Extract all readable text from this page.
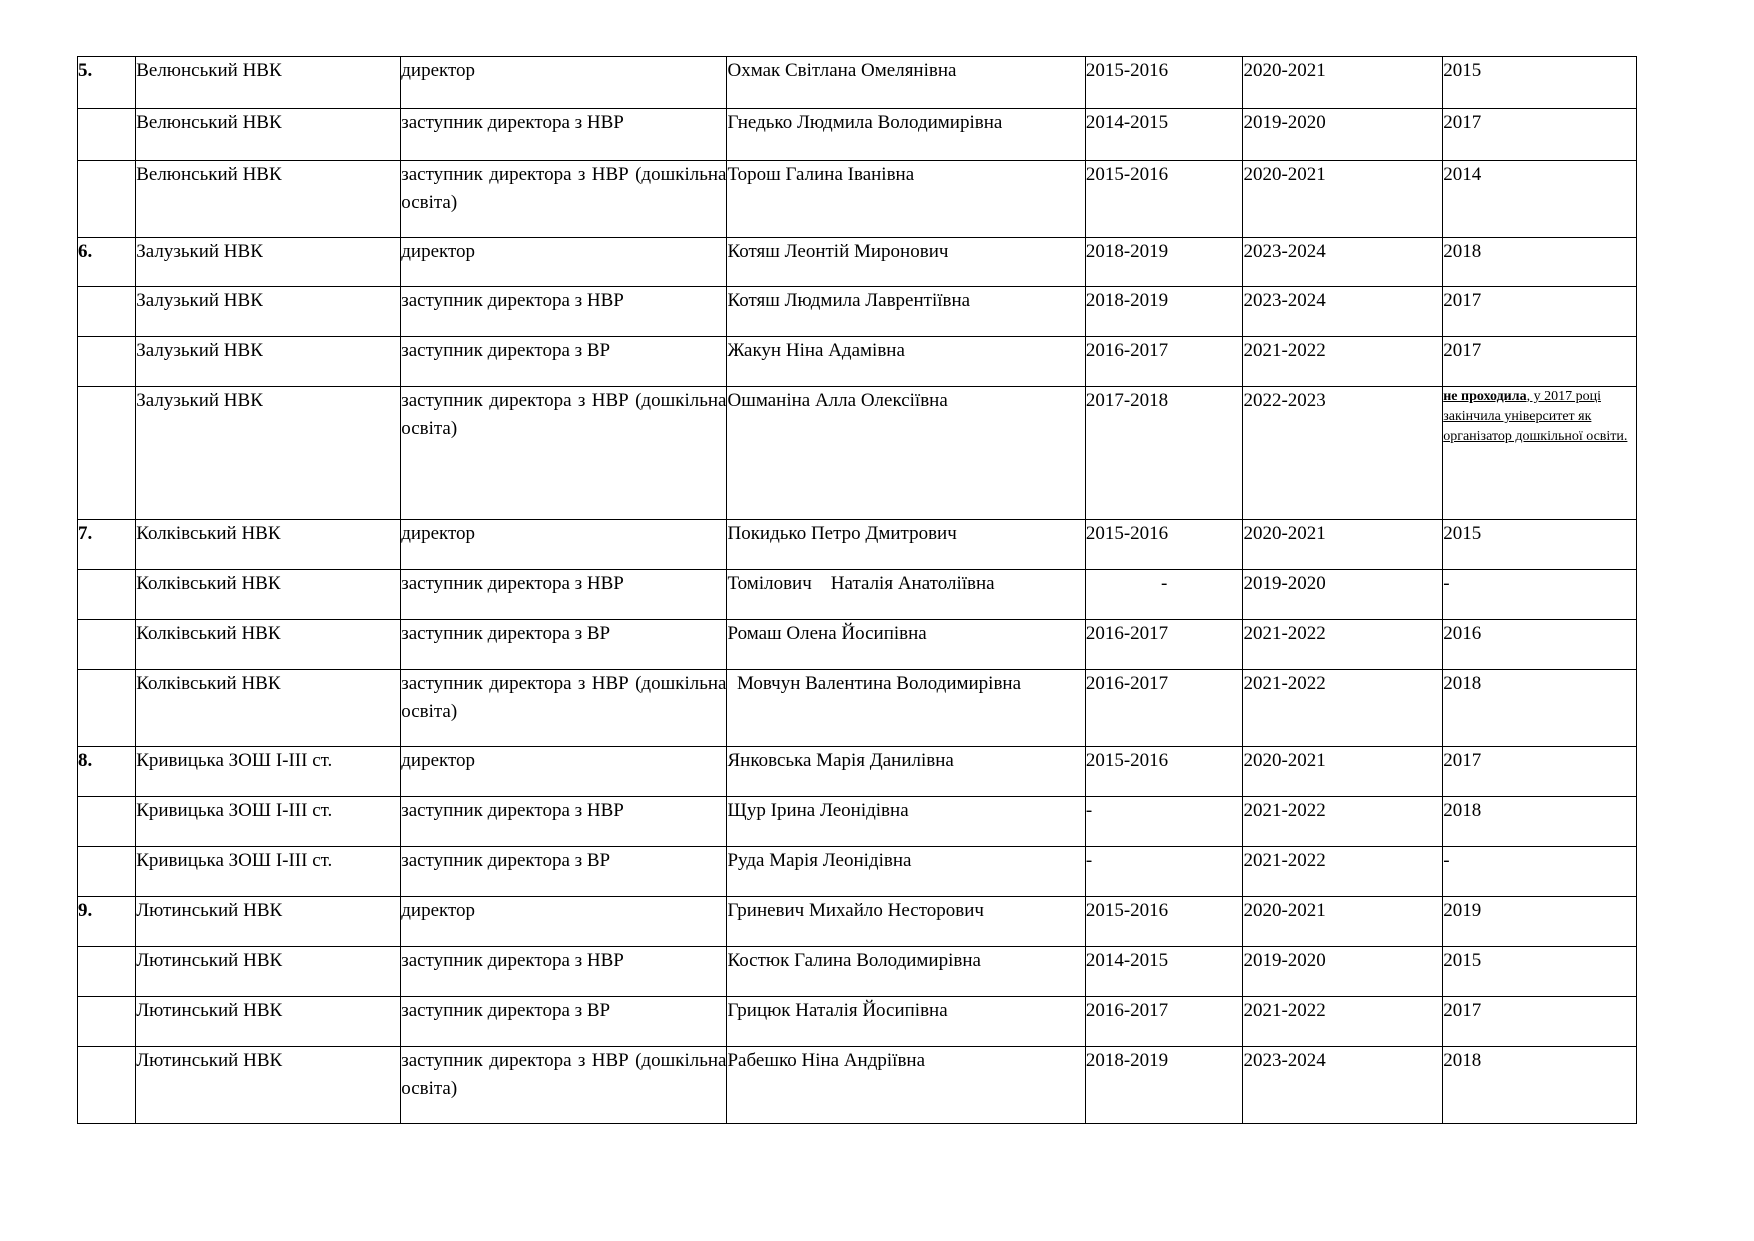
5.	Велюнський НВК	директор	Охмак Світлана Омелянівна	2015-2016	2020-2021	2015
	Велюнський НВК	заступник директора з НВР	Гнедько Людмила Володимирівна	2014-2015	2019-2020	2017
	Велюнський НВК	заступник директора з НВР (дошкільна освіта)	Торош Галина Іванівна	2015-2016	2020-2021	2014
6.	Залузький НВК	директор	Котяш Леонтій Миронович	2018-2019	2023-2024	2018
	Залузький НВК	заступник директора з НВР	Котяш Людмила Лаврентіївна	2018-2019	2023-2024	2017
	Залузький НВК	заступник директора з ВР	Жакун Ніна Адамівна	2016-2017	2021-2022	2017
	Залузький НВК	заступник директора з НВР (дошкільна освіта)	Ошманіна Алла Олексіївна	2017-2018	2022-2023	не проходила, у 2017 році закінчила університет як організатор дошкільної освіти.

7.	Колківський НВК	директор	Покидько Петро Дмитрович	2015-2016	2020-2021	2015
	Колківський НВК	заступник директора з НВР	Томілович    Наталія Анатоліївна	-	2019-2020	-
	Колківський НВК	заступник директора з ВР	Ромаш Олена Йосипівна	2016-2017	2021-2022	2016
	Колківський НВК	заступник директора з НВР (дошкільна освіта)	Мовчун Валентина Володимирівна	2016-2017	2021-2022	2018
8.	Кривицька ЗОШ І-ІІІ ст.	директор	Янковська Марія Данилівна	2015-2016	2020-2021	2017
	Кривицька ЗОШ І-ІІІ ст.	заступник директора з НВР	Щур Ірина Леонідівна	-	2021-2022	2018
	Кривицька ЗОШ І-ІІІ ст.	заступник директора з ВР	Руда Марія Леонідівна	-	2021-2022	-
9.	Лютинський НВК	директор	Гриневич Михайло Несторович	2015-2016	2020-2021	2019
	Лютинський НВК	заступник директора з НВР	Костюк Галина Володимирівна	2014-2015	2019-2020	2015
	Лютинський НВК	заступник директора з ВР	Грицюк Наталія Йосипівна	2016-2017	2021-2022	2017
	Лютинський НВК	заступник директора з НВР (дошкільна освіта)	Рабешко Ніна Андріївна	2018-2019	2023-2024	2018
